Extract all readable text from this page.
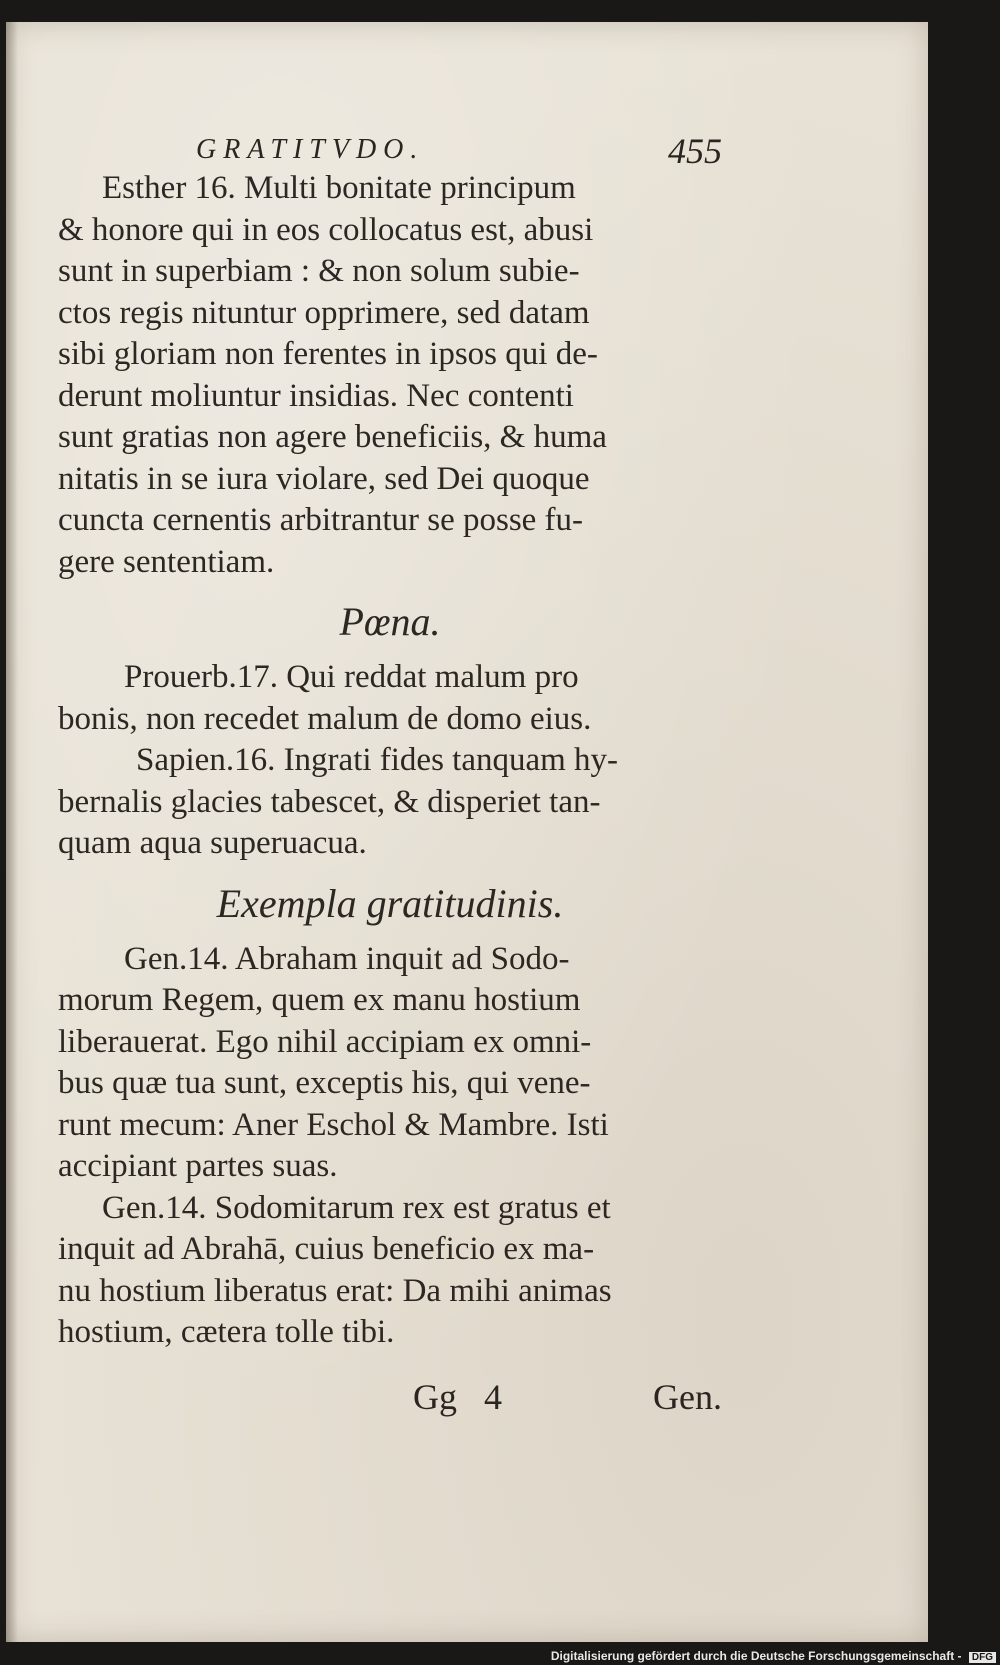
GRATITVDO.	455

Esther 16. Multi bonitate principum
& honore qui in eos collocatus est, abusi
sunt in superbiam : & non solum subie-
ctos regis nituntur opprimere, sed datam
sibi gloriam non ferentes in ipsos qui de-
derunt moliuntur insidias. Nec contenti
sunt gratias non agere beneficiis, & huma
nitatis in se iura violare, sed Dei quoque
cuncta cernentis arbitrantur se posse fu-
gere sententiam.

Pœna.

Prouerb.17. Qui reddat malum pro
bonis, non recedet malum de domo eius.

Sapien.16. Ingrati fides tanquam hy-
bernalis glacies tabescet, & disperiet tan-
quam aqua superuacua.

Exempla gratitudinis.

Gen.14. Abraham inquit ad Sodo-
morum Regem, quem ex manu hostium
liberauerat. Ego nihil accipiam ex omni-
bus quæ tua sunt, exceptis his, qui vene-
runt mecum: Aner Eschol & Mambre. Isti
accipiant partes suas.

Gen.14. Sodomitarum rex est gratus et
inquit ad Abrahā, cuius beneficio ex ma-
nu hostium liberatus erat: Da mihi animas
hostium, cætera tolle tibi.

Gg   4	Gen.
Digitalisierung gefördert durch die Deutsche Forschungsgemeinschaft - DFG
